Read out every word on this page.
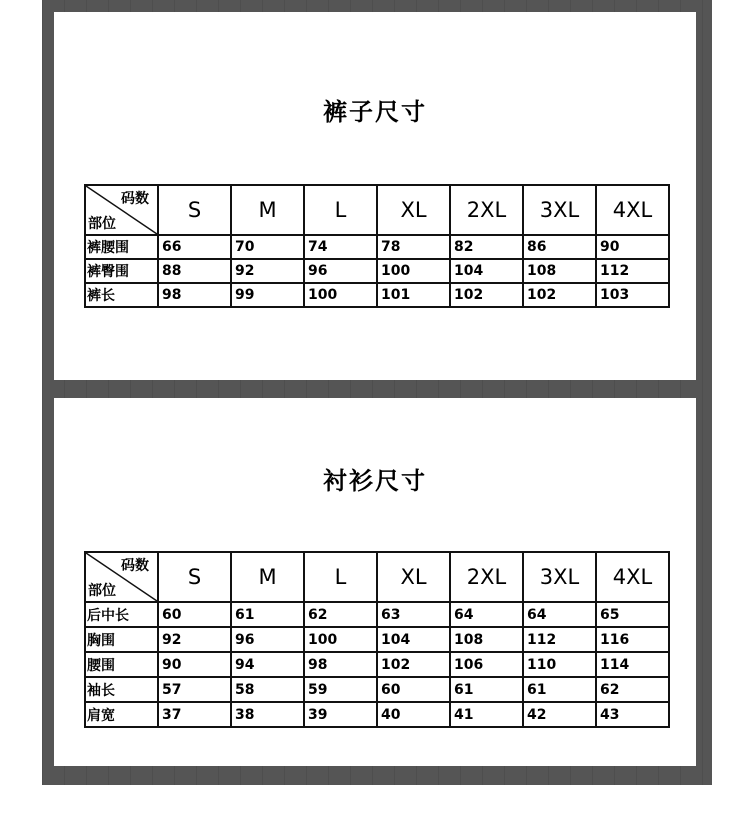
裤子尺寸
码数
部位	S	M	L	XL	2XL	3XL	4XL
裤腰围	66	70	74	78	82	86	90
裤臀围	88	92	96	100	104	108	112
裤长	98	99	100	101	102	102	103
衬衫尺寸
码数
部位	S	M	L	XL	2XL	3XL	4XL
后中长	60	61	62	63	64	64	65
胸围	92	96	100	104	108	112	116
腰围	90	94	98	102	106	110	114
袖长	57	58	59	60	61	61	62
肩宽	37	38	39	40	41	42	43
